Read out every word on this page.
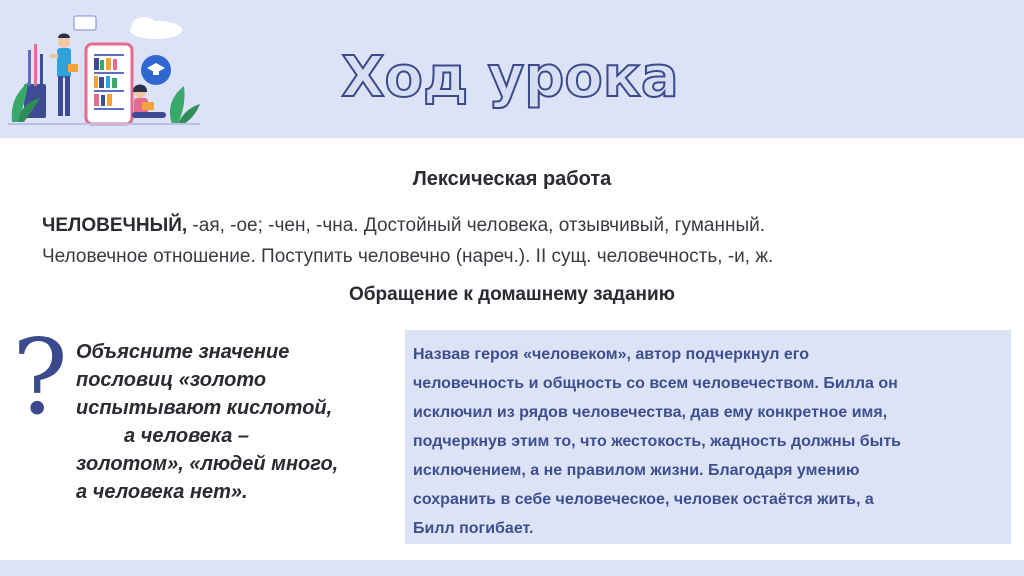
Ход урока
Лексическая работа
ЧЕЛОВЕЧНЫЙ, -ая, -ое; -чен, -чна. Достойный человека, отзывчивый, гуманный.
Человечное отношение. Поступить человечно (нареч.). II сущ. человечность, -и, ж.
Обращение к домашнему заданию
? Объясните значение
пословиц «золото
испытывают кислотой,
а человека –
золотом», «людей много,
а человека нет».
Назвав героя «человеком», автор подчеркнул его
человечность и общность со всем человечеством. Билла он
исключил из рядов человечества, дав ему конкретное имя,
подчеркнув этим то, что жестокость, жадность должны быть
исключением, а не правилом жизни. Благодаря умению
сохранить в себе человеческое, человек остаётся жить, а
Билл погибает.
